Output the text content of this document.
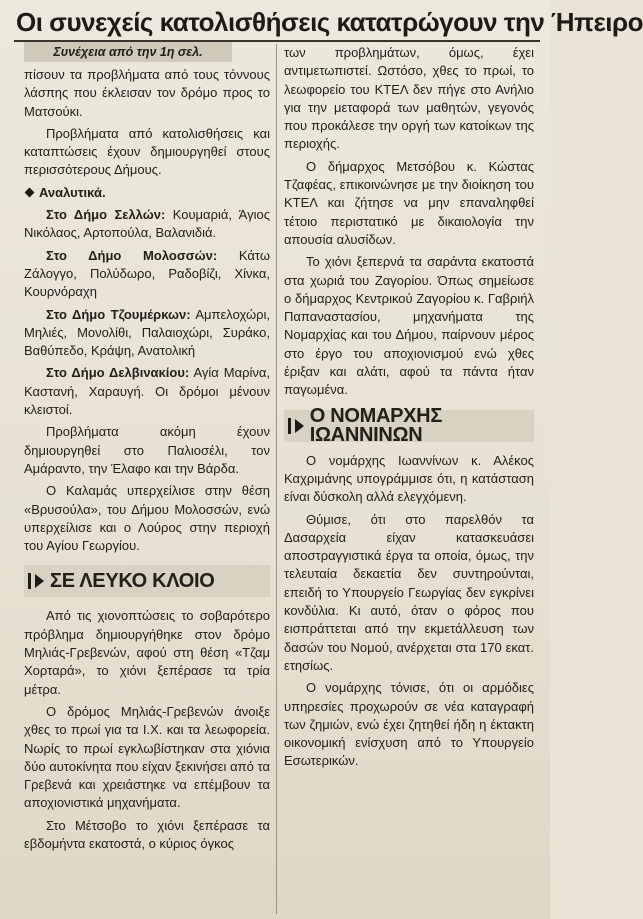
Οι συνεχείς κατολισθήσεις κατατρώγουν την Ήπειρο
Συνέχεια από την 1η σελ.

πίσουν τα προβλήματα από τους τόννους λάσπης που έκλεισαν τον δρόμο προς το Ματσούκι.

Προβλήματα από κατολισθήσεις και καταπτώσεις έχουν δημιουργηθεί στους περισσότερους Δήμους.

Αναλυτικά.

Στο Δήμο Σελλών: Κουμαριά, Άγιος Νικόλαος, Αρτοπούλα, Βαλανιδιά.

Στο Δήμο Μολοσσών: Κάτω Ζάλογγο, Πολύδωρο, Ραδοβίζι, Χίνκα, Κουρνόραχη

Στο Δήμο Τζουμέρκων: Αμπελοχώρι, Μηλιές, Μονολίθι, Παλαιοχώρι, Συράκο, Βαθύπεδο, Κράψη, Ανατολική

Στο Δήμο Δελβινακίου: Αγία Μαρίνα, Καστανή, Χαραυγή. Οι δρόμοι μένουν κλειστοί.

Προβλήματα ακόμη έχουν δημιουργηθεί στο Παλιοσέλι, τον Αμάραντο, την Έλαφο και την Βάρδα.

Ο Καλαμάς υπερχείλισε στην θέση «Βρυσούλα», του Δήμου Μολοσσών, ενώ υπερχείλισε και ο Λούρος στην περιοχή του Αγίου Γεωργίου.

ΣΕ ΛΕΥΚΟ ΚΛΟΙΟ

Από τις χιονοπτώσεις το σοβαρότερο πρόβλημα δημιουργήθηκε στον δρόμο Μηλιάς-Γρεβενών, αφού στη θέση «Τζαμ Χορταρά», το χιόνι ξεπέρασε τα τρία μέτρα.

Ο δρόμος Μηλιάς-Γρεβενών άνοιξε χθες το πρωί για τα Ι.Χ. και τα λεωφορεία. Νωρίς το πρωί εγκλωβίστηκαν στα χιόνια δύο αυτοκίνητα που είχαν ξεκινήσει από τα Γρεβενά και χρειάστηκε να επέμβουν τα αποχιονιστικά μηχανήματα.

Στο Μέτσοβο το χιόνι ξεπέρασε τα εβδομήντα εκατοστά, ο κύριος όγκος

των προβλημάτων, όμως, έχει αντιμετωπιστεί. Ωστόσο, χθες το πρωί, το λεωφορείο του ΚΤΕΛ δεν πήγε στο Ανήλιο για την μεταφορά των μαθητών, γεγονός που προκάλεσε την οργή των κατοίκων της περιοχής.

Ο δήμαρχος Μετσόβου κ. Κώστας Τζαφέας, επικοινώνησε με την διοίκηση του ΚΤΕΛ και ζήτησε να μην επαναληφθεί τέτοιο περιστατικό με δικαιολογία την απουσία αλυσίδων.

Το χιόνι ξεπερνά τα σαράντα εκατοστά στα χωριά του Ζαγορίου. Όπως σημείωσε ο δήμαρχος Κεντρικού Ζαγορίου κ. Γαβριήλ Παπαναστασίου, μηχανήματα της Νομαρχίας και του Δήμου, παίρνουν μέρος στο έργο του αποχιονισμού ενώ χθες έριξαν και αλάτι, αφού τα πάντα ήταν παγωμένα.

Ο ΝΟΜΑΡΧΗΣ ΙΩΑΝΝΙΝΩΝ

Ο νομάρχης Ιωαννίνων κ. Αλέκος Καχριμάνης υπογράμμισε ότι, η κατάσταση είναι δύσκολη αλλά ελεγχόμενη.

Θύμισε, ότι στο παρελθόν τα Δασαρχεία είχαν κατασκευάσει αποστραγγιστικά έργα τα οποία, όμως, την τελευταία δεκαετία δεν συντηρούνται, επειδή το Υπουργείο Γεωργίας δεν εγκρίνει κονδύλια. Κι αυτό, όταν ο φόρος που εισπράττεται από την εκμετάλλευση των δασών του Νομού, ανέρχεται στα 170 εκατ. ετησίως.

Ο νομάρχης τόνισε, ότι οι αρμόδιες υπηρεσίες προχωρούν σε νέα καταγραφή των ζημιών, ενώ έχει ζητηθεί ήδη η έκτακτη οικονομική ενίσχυση από το Υπουργείο Εσωτερικών.
